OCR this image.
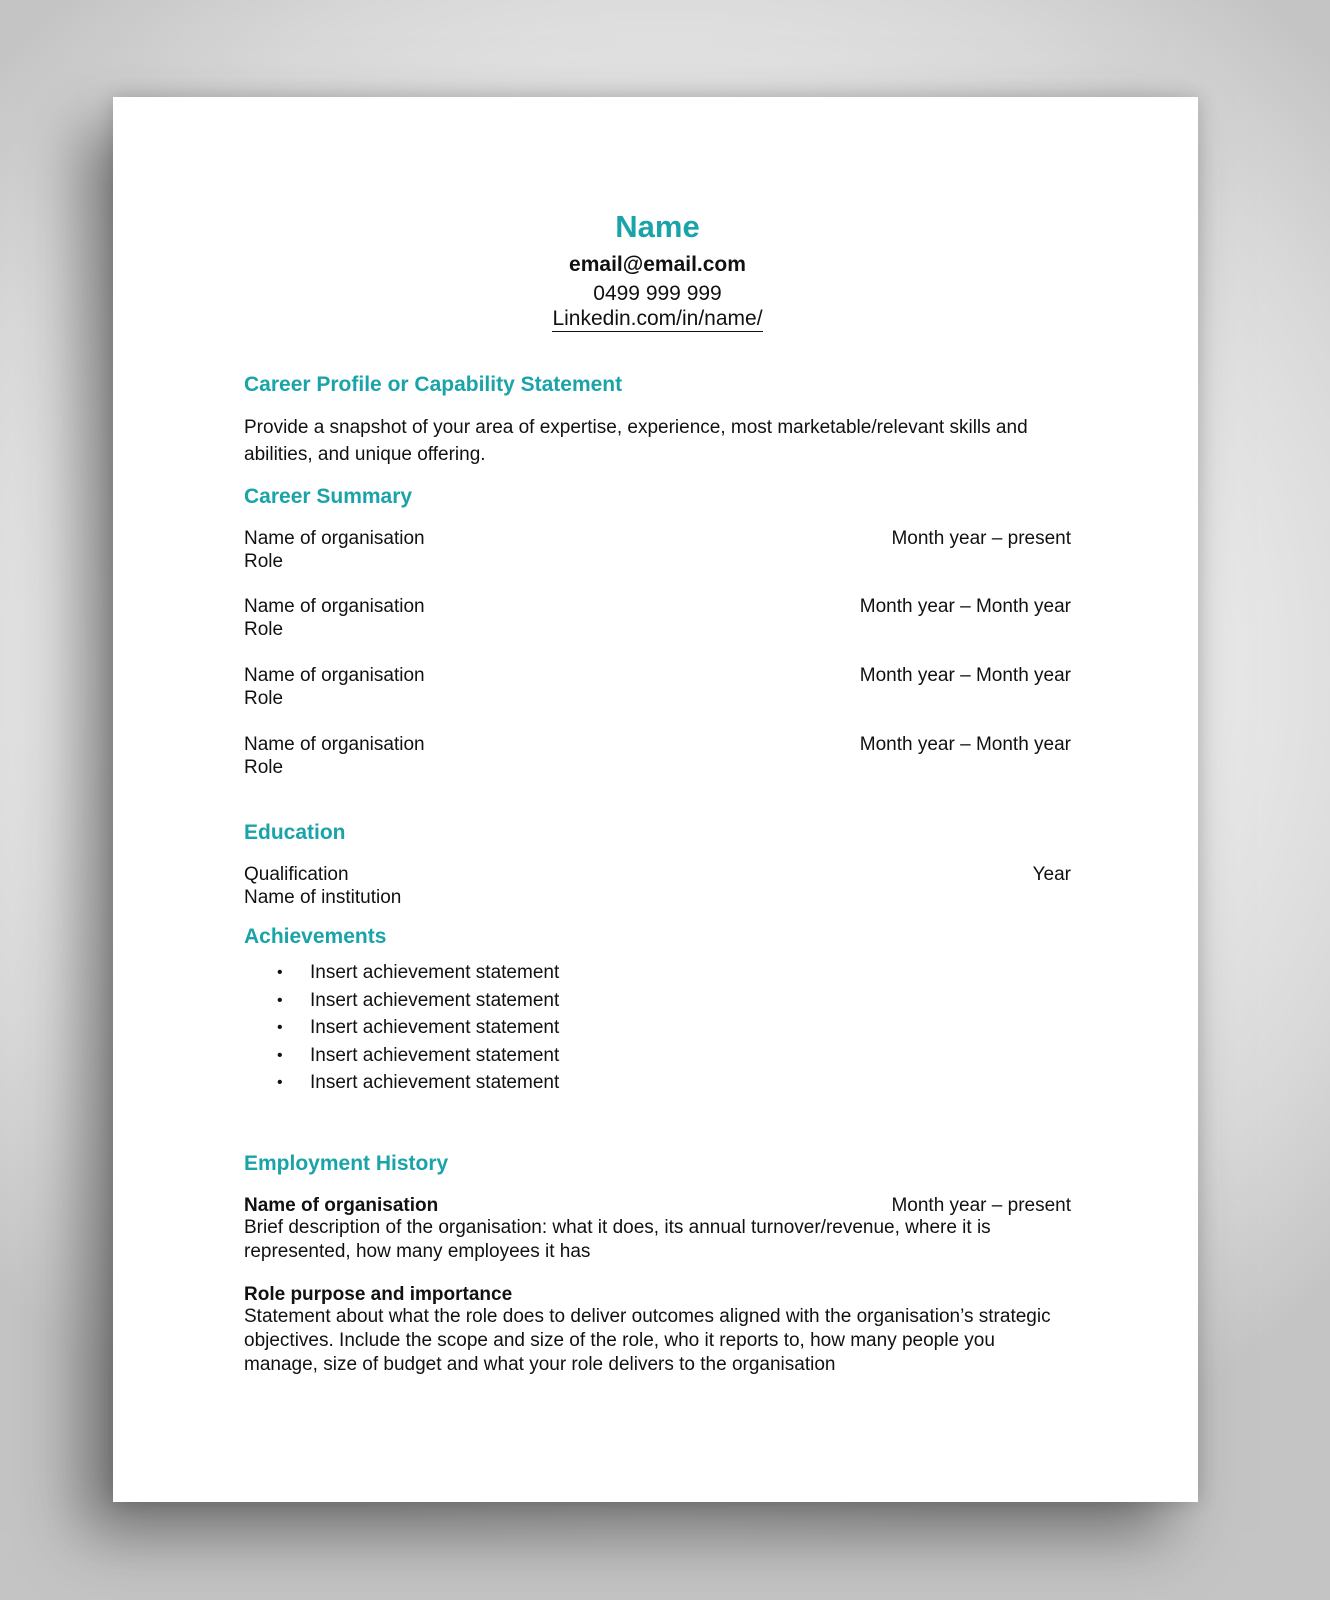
Name
email@email.com
0499 999 999
Linkedin.com/in/name/
Career Profile or Capability Statement
Provide a snapshot of your area of expertise, experience, most marketable/relevant skills and abilities, and unique offering.
Career Summary
Name of organisation	Month year – present
Role
Name of organisation	Month year – Month year
Role
Name of organisation	Month year – Month year
Role
Name of organisation	Month year – Month year
Role
Education
Qualification	Year
Name of institution
Achievements
• Insert achievement statement
• Insert achievement statement
• Insert achievement statement
• Insert achievement statement
• Insert achievement statement
Employment History
Name of organisation	Month year – present
Brief description of the organisation: what it does, its annual turnover/revenue, where it is represented, how many employees it has
Role purpose and importance
Statement about what the role does to deliver outcomes aligned with the organisation’s strategic objectives. Include the scope and size of the role, who it reports to, how many people you manage, size of budget and what your role delivers to the organisation
